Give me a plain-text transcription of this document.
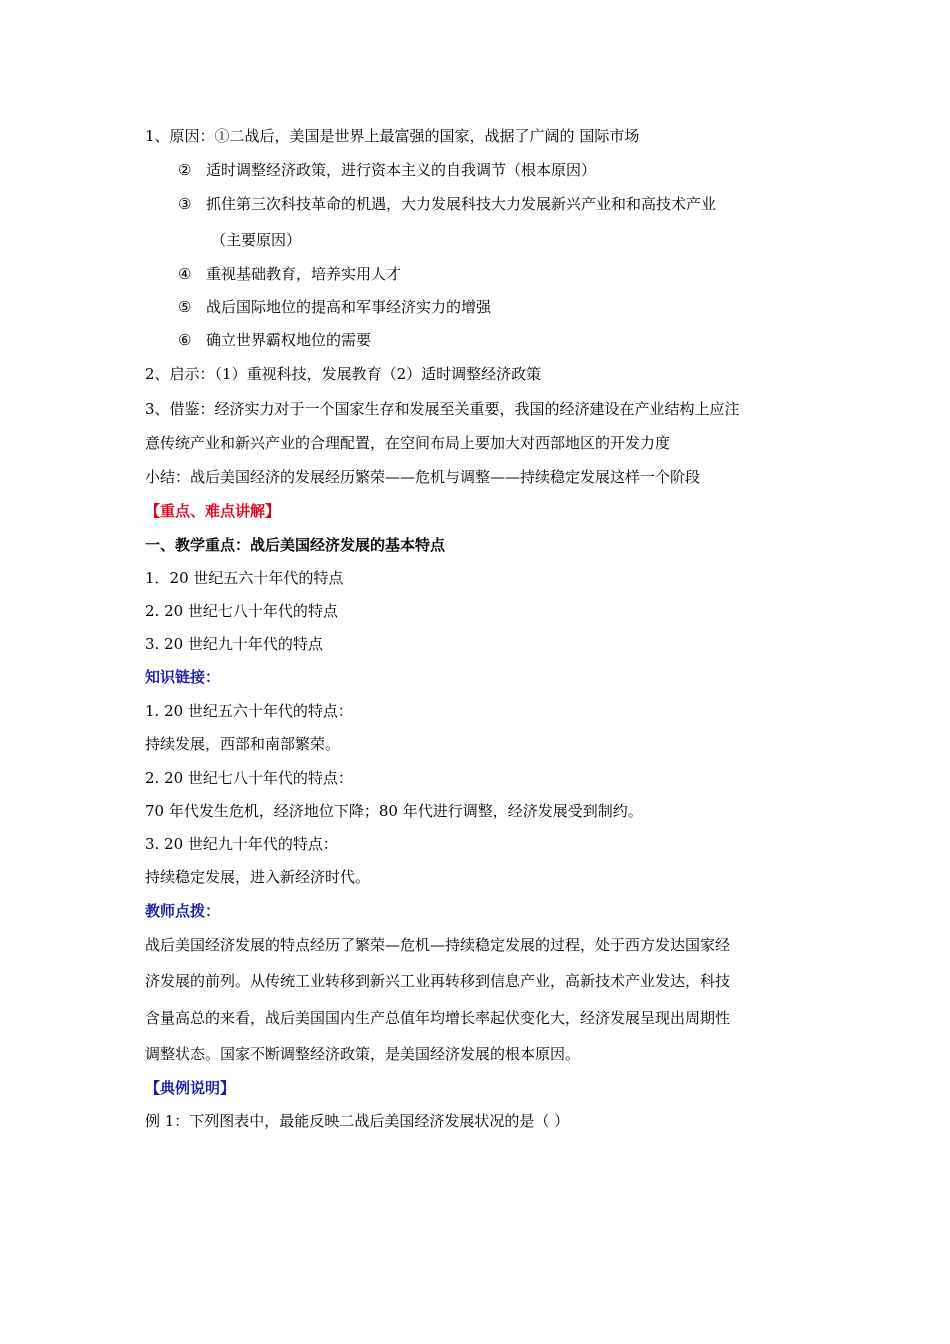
1、原因：①二战后，美国是世界上最富强的国家，战据了广阔的 国际市场
② 适时调整经济政策，进行资本主义的自我调节（根本原因）
③ 抓住第三次科技革命的机遇，大力发展科技大力发展新兴产业和和高技术产业
（主要原因）
④ 重视基础教育，培养实用人才
⑤ 战后国际地位的提高和军事经济实力的增强
⑥ 确立世界霸权地位的需要
2、启示：（1）重视科技，发展教育（2）适时调整经济政策
3、借鉴：经济实力对于一个国家生存和发展至关重要，我国的经济建设在产业结构上应注
意传统产业和新兴产业的合理配置，在空间布局上要加大对西部地区的开发力度
小结：战后美国经济的发展经历繁荣——危机与调整——持续稳定发展这样一个阶段
【重点、难点讲解】
一、教学重点：战后美国经济发展的基本特点
1．20 世纪五六十年代的特点
2. 20 世纪七八十年代的特点
3. 20 世纪九十年代的特点
知识链接：
1. 20 世纪五六十年代的特点：
持续发展，西部和南部繁荣。
2. 20 世纪七八十年代的特点：
70 年代发生危机，经济地位下降；80 年代进行调整，经济发展受到制约。
3. 20 世纪九十年代的特点：
持续稳定发展，进入新经济时代。
教师点拨：
战后美国经济发展的特点经历了繁荣—危机—持续稳定发展的过程，处于西方发达国家经
济发展的前列。从传统工业转移到新兴工业再转移到信息产业，高新技术产业发达，科技
含量高总的来看，战后美国国内生产总值年均增长率起伏变化大，经济发展呈现出周期性
调整状态。国家不断调整经济政策，是美国经济发展的根本原因。
【典例说明】
例 1：下列图表中，最能反映二战后美国经济发展状况的是（ ）
